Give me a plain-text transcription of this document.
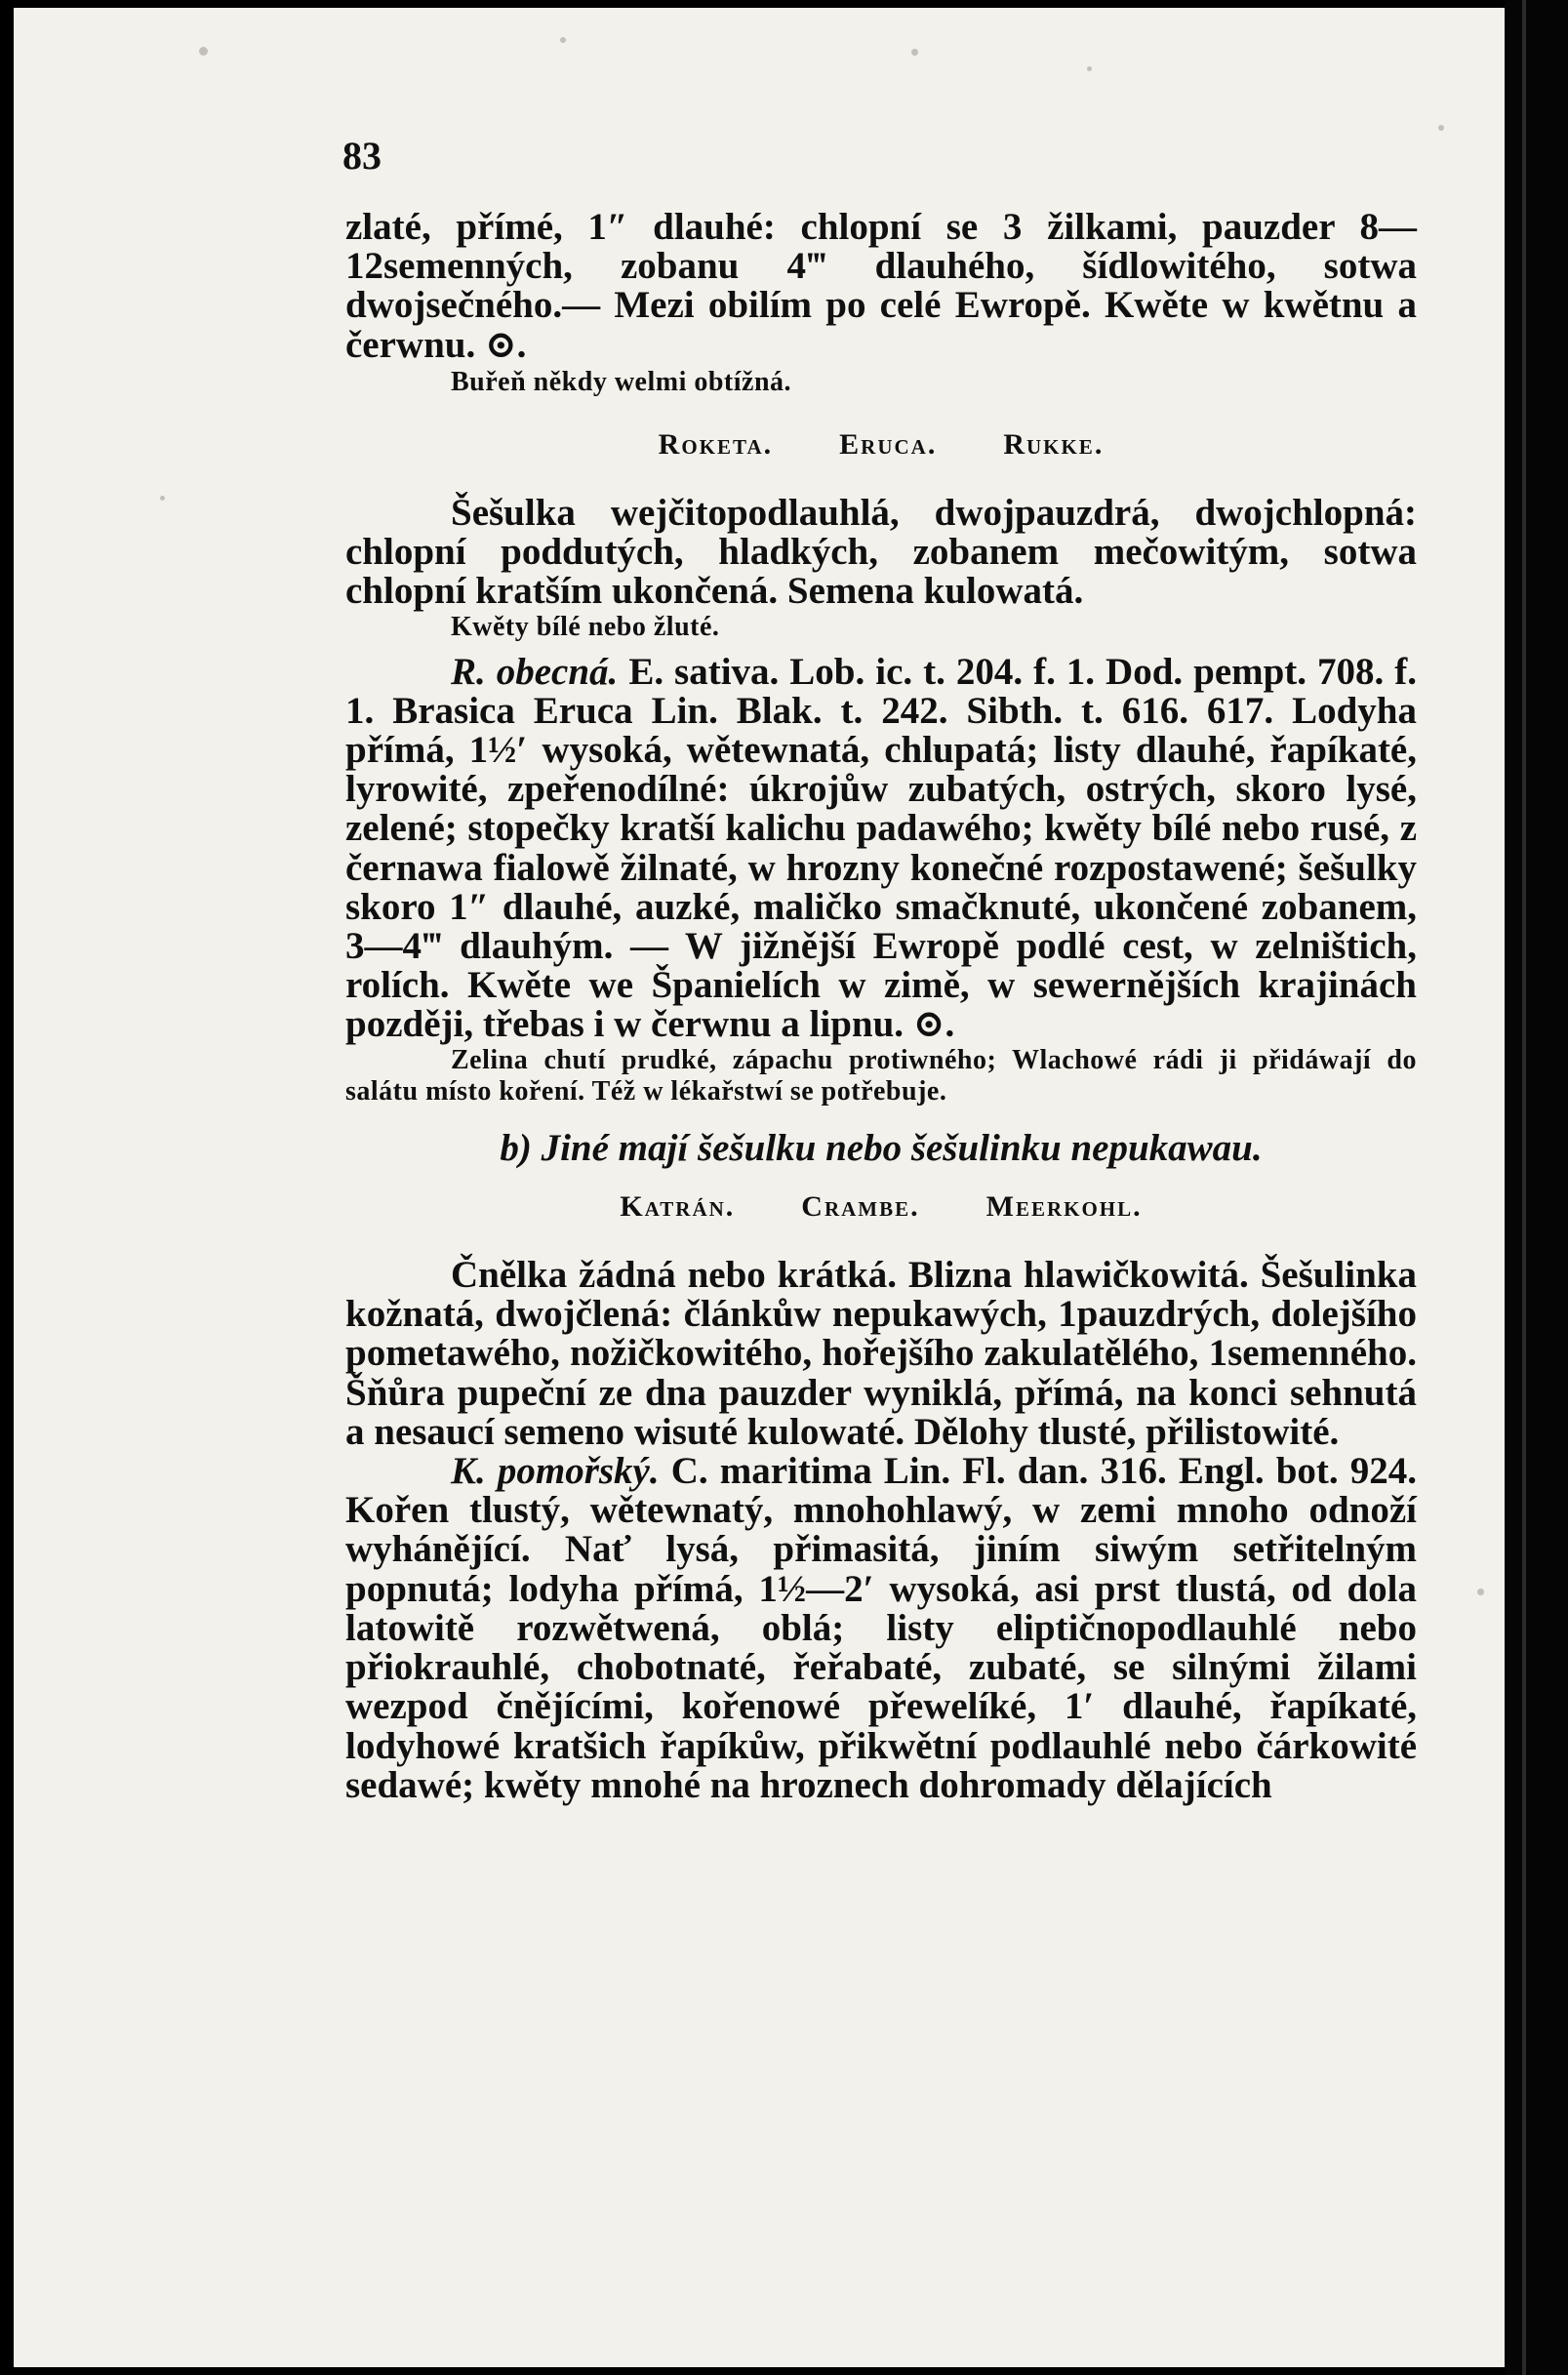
83

zlaté, přímé, 1″ dlauhé: chlopní se 3 žilkami, pauzder 8—12semenných, zobanu 4‴ dlauhého, šídlowitého, sotwa dwojsečného.— Mezi obilím po celé Ewropě. Kwěte w kwětnu a čerwnu. ⊙.

Buřeň někdy welmi obtížná.

Roketa. Eruca. Rukke.

Šešulka wejčitopodlauhlá, dwojpauzdrá, dwojchlopná: chlopní poddutých, hladkých, zobanem mečowitým, sotwa chlopní kratším ukončená. Semena kulowatá.

Kwěty bílé nebo žluté.

R. obecná. E. sativa. Lob. ic. t. 204. f. 1. Dod. pempt. 708. f. 1. Brasica Eruca Lin. Blak. t. 242. Sibth. t. 616. 617. Lodyha přímá, 1½′ wysoká, wětewnatá, chlupatá; listy dlauhé, řapíkaté, lyrowité, zpeřenodílné: úkrojůw zubatých, ostrých, skoro lysé, zelené; stopečky kratší kalichu padawého; kwěty bílé nebo rusé, z černawa fialowě žilnaté, w hrozny konečné rozpostawené; šešulky skoro 1″ dlauhé, auzké, maličko smačknuté, ukončené zobanem, 3—4‴ dlauhým. — W jižnější Ewropě podlé cest, w zelništich, rolích. Kwěte we Španielích w zimě, w sewernějších krajinách později, třebas i w čerwnu a lipnu. ⊙.

Zelina chutí prudké, zápachu protiwného; Wlachowé rádi ji přidáwají do salátu místo koření. Též w lékařstwí se potřebuje.

b) Jiné mají šešulku nebo šešulinku nepukawau.

Katrán. Crambe. Meerkohl.

Čnělka žádná nebo krátká. Blizna hlawičkowitá. Šešulinka kožnatá, dwojčlená: článkůw nepukawých, 1pauzdrých, dolejšího pometawého, nožičkowitého, hořejšího zakulatělého, 1semenného. Šňůra pupeční ze dna pauzder wyniklá, přímá, na konci sehnutá a nesaucí semeno wisuté kulowaté. Dělohy tlusté, přilistowité.

K. pomořský. C. maritima Lin. Fl. dan. 316. Engl. bot. 924. Kořen tlustý, wětewnatý, mnohohlawý, w zemi mnoho odnoží wyháněјící. Nať lysá, přimasitá, jiním siwým setřitelným popnutá; lodyha přímá, 1½—2′ wysoká, asi prst tlustá, od dola latowitě rozwětwená, oblá; listy eliptičnopodlauhlé nebo přiokrauhlé, chobotnaté, řeřabaté, zubaté, se silnými žilami wezpod čnějícími, kořenowé přewelíké, 1′ dlauhé, řapíkaté, lodyhowé kratšich řapíkůw, přikwětní podlauhlé nebo čárkowité sedawé; kwěty mnohé na hroznech dohromady dělajících
